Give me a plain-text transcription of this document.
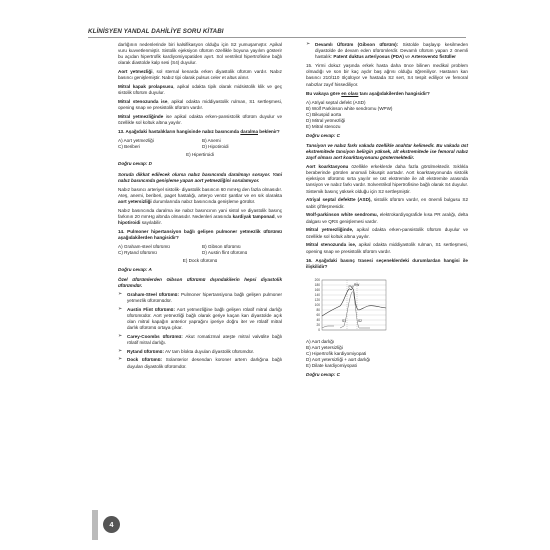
KLİNİSYEN YANDAL DAHİLİYE SORU KİTABI

darlığının nedenlerinde biri kalsifikasyon olduğu için S2 yumuşamıştır. Apikal vuru kuvvetlenmiştir. Sistolik ejeksiyon üfürüm özellikle boyuna yayılım gösterir bu açıdan hipertrofik kardiyomiyopatiden ayırt. Sol ventrikül hipertrofisine bağlı olarak diastolde kalp sesi (S4) duyulur.

Aort yetmezliği, sol sternal kenarda erken diyastolik üfürüm vardır. Nabız basıncı genişlemiştir. Nabız tipi olarak pulsus celer et altus alınır.

Mitral kapak prolapsusu, apikal odakta tipik olarak midsistolik klik ve geç sistolik üfürüm duyulur.

Mitral stenozunda ise, apikal odakta middiyastolik rulman, S1 sertleşmesi, opening snap ve presistolik üfürüm vardır.

Mitral yetmezliğinde ise apikal odakta erken-pansistolik üfürüm duyulur ve özellikle sol koltuk altına yayılır.

13. Aşağıdaki hastalıkların hangisinde nabız basıncında daralma beklenir?

A) Aort yetmezliği	B) Anemi
C) Beriberi	D) Hipotiroidi
E) Hipertiroidi
Doğru cevap: D

Soruda dikkat edilecek olursa nabız basıncında daralmayı soruyor. Yani nabız basıncında genişleme yapan aort yetmezliğini sorulamıyor.

Nabız basıncı arteriyel sistolik- diyastolik basıncın 60 mmHg den fazla olmasıdır. Ateş, anemi, beriberi, paget hastalığı, arteryo venöz şantlar ve en sık olarakta aort yetersizliği durumlarında nabız basıncında genişleme görülür.

Nabız basıncında daralma ise nabız basıncının yani sistol ve diyastolik basınç farkının 20 mmHg altında olmasıdır. Nedenleri arasında kardiyak tamponad, ve hipotiroidi sayılabilir.

14. Pulmoner hipertansiyon bağlı gelişen pulmoner yetmezlik üfürümü aşağıdakilerden hangisidir?

A) Graham-steel üfürümü	B) Gibson üfürümü
C) Rytand üfürümü	D) Austin flint üfürümü
E) Dock üfürümü
Doğru cevap: A

Özel üfürümlerden Gibson üfürümü dışındakilerin hepsi diyastolik üfürümdür.

➢ Graham-Steel üfürümü: Pulmoner hipertansiyona bağlı gelişen pulmoner yetmezlik üfürümüdür.
➢ Austin Flint üfürümü: Aort yetmezliğine bağlı gelişen rölatif mitral darlığı üfürümüdür. Aort yetmezliği bağlı olarak geriye kaçan kan diyastolde açık olan mitral kapağın anterior yaprağını iperiye doğru iter ve rölatif mitral darlık üfürümü ortaya çıkar.
➢ Carey-Coombs üfürümü: Akut romatizmal ateşte mitral valvülite bağlı rölatif mitral darlığı.
➢ Rytand üfürümü: AV tam blokta duyulan diyastolik üfürümdür.
➢ Dock üfürümü: Solanterior desendan koroner artern darlığına bağlı duyulan diyastolik üfürümdür.
➢ Devamlı Üfürüm (Gibson üfürüm): Sistolde başlayıp kesilmeden diyastolde de devam eden üfürümlerdir. Devamlı üfürüm yapan 2 önemli hastalık: Patent duktus arteriyosus (PDA) ve Arterovenöz fistüller

15. Yirmi dokuz yaşında erkek hasta daha önce bilinen medikal problem olmadığı ve son bir kaç aydır baş ağrısı olduğu öğreniliyor. Hastanın kan basıncı 210/110 ölçülüyor ve hastada S2 sert, S4 tespit ediliyor ve femoral nabızlar zayıf hissediliyor.

Bu vakaya göre en olası tanı aşağıdakilerden hangisidir?

A) Atriyal septal defekt (ASD)
B) Wolf Parkinson white sendromu (WPW)
C) Bikuspid aorta
D) Mitral yetmezliği
E) Mitral stenozu
Doğru cevap: C

Tansiyon ve nabız farkı vakada özellikle anahtar kelimedir. Bu vakada üst ekstremitede tansiyon belirgin yüksek, alt ekstremitede ise femoral nabız zayıf olması aort koarktasyonunu göstermektedir.

Aort koarktasyonu özellikle erkeklerde daha fazla görülmektedir. Sıklıkla beraberinde görülen anomali bikuspit aortadır. Aort koarktasyonunda sistolik ejeksiyon üfürümü sırta yayılır ve üst ekstremite ile alt ekstremite arasında tansiyon ve nabız farkı vardır. Solventrikül hipertrofisine bağlı olarak S4 duyulur. Sistemik basınç yüksek olduğu için S2 sertleşmiştir.

Atriyal septal defektte (ASD), sistolik üfürüm vardır, en önemli bulgusu S2 sabit çiftleşmesidir.

Wolf-parkinson white sendromu, elektrokardiyografide kısa PR aralığı, delta dalgası ve QRS genişlemesi vardır.

Mitral yetmezliğinde, apikal odakta erken-pansistolik üfürüm duyulur ve özellikle sol koltuk altına yayılır.

Mitral stenozunda ise, apikal odakta middiyastolik rulman, S1 sertleşmesi, opening snap ve presistolik üfürüm vardır.

16. Aşağıdaki basınç trasesi seçeneklerdeki durumlardan hangisi ile ilişkilidir?

200
180
160
140
120
100
80
60
40
20
0
PW RW
S1	S2
A) Aort darlığı
B) Aort yetersizliği
C) Hipertrofik kardiyomiyopati
D) Aort yetersizliği + aort darlığı
E) Dilate kardiyomiyopati
Doğru cevap: C
4
